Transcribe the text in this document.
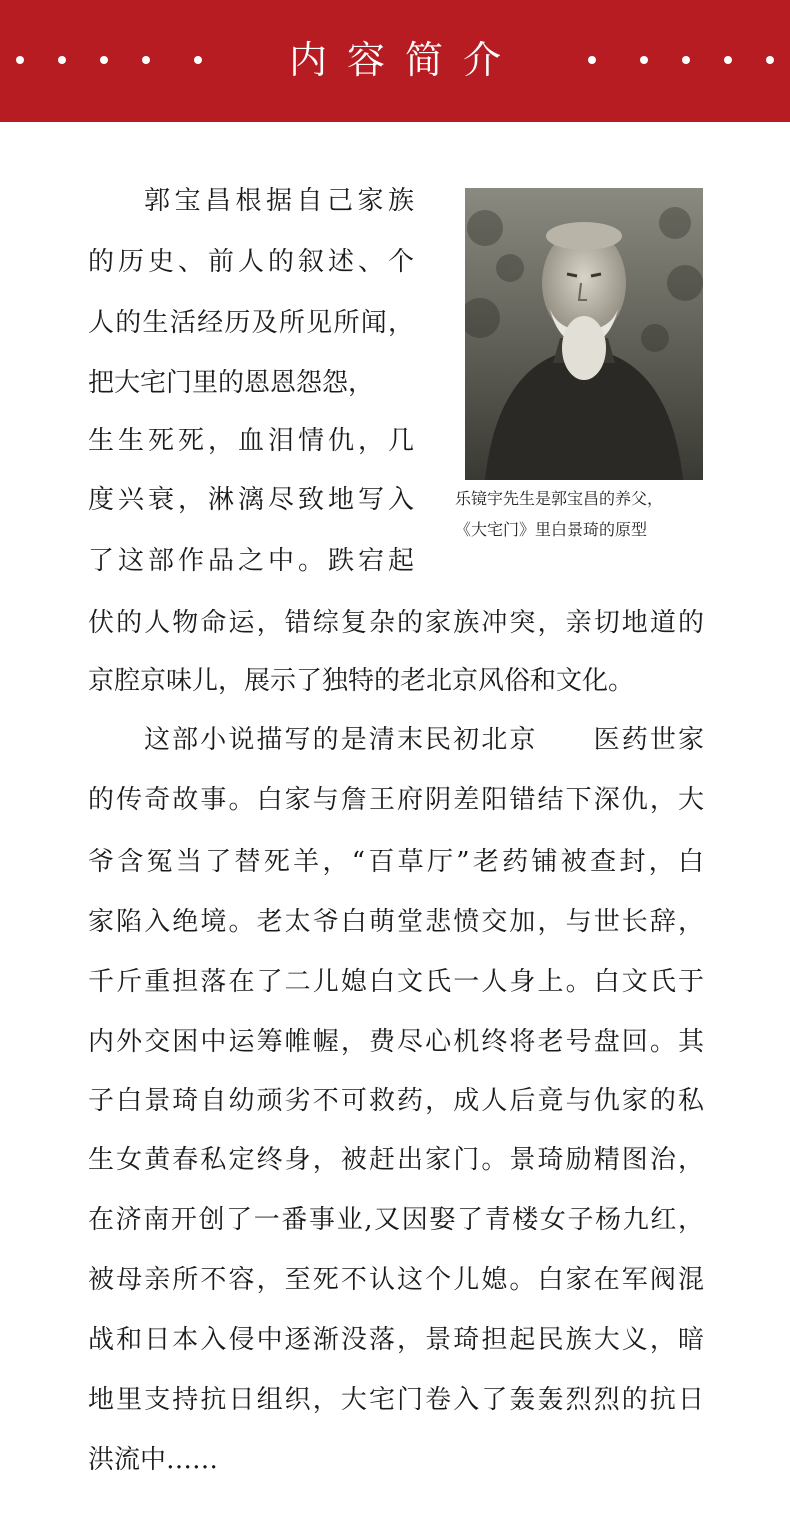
内容简介
乐镜宇先生是郭宝昌的养父，
《大宅门》里白景琦的原型
郭宝昌根据自己家族
的历史、前人的叙述、个
人的生活经历及所见所闻，
把大宅门里的恩恩怨怨，
生生死死，血泪情仇，几
度兴衰，淋漓尽致地写入
了这部作品之中。跌宕起
伏的人物命运，错综复杂的家族冲突，亲切地道的
京腔京味儿，展示了独特的老北京风俗和文化。
这部小说描写的是清末民初北京　　医药世家
的传奇故事。白家与詹王府阴差阳错结下深仇，大
爷含冤当了替死羊，“百草厅”老药铺被查封，白
家陷入绝境。老太爷白萌堂悲愤交加，与世长辞，
千斤重担落在了二儿媳白文氏一人身上。白文氏于
内外交困中运筹帷幄，费尽心机终将老号盘回。其
子白景琦自幼顽劣不可救药，成人后竟与仇家的私
生女黄春私定终身，被赶出家门。景琦励精图治，
在济南开创了一番事业,又因娶了青楼女子杨九红，
被母亲所不容，至死不认这个儿媳。白家在军阀混
战和日本入侵中逐渐没落，景琦担起民族大义，暗
地里支持抗日组织，大宅门卷入了轰轰烈烈的抗日
洪流中……
